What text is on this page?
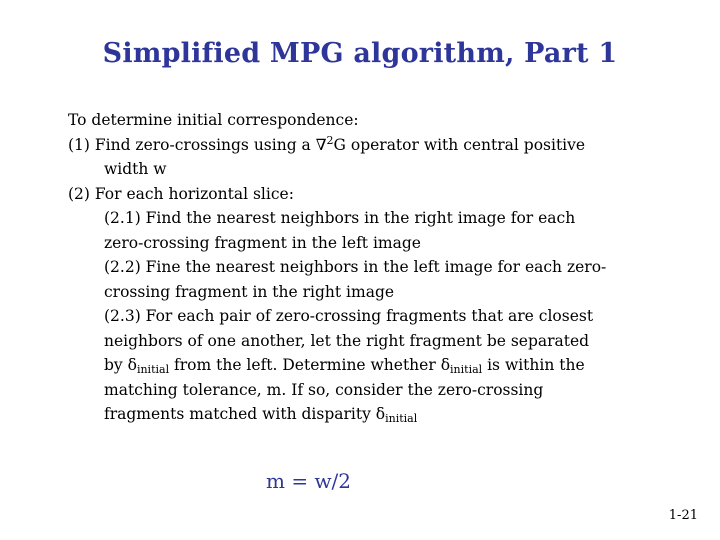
Simplified MPG algorithm, Part 1
To determine initial correspondence:
(1) Find zero-crossings using a ∇$^2$G operator with central positive
width w
(2) For each horizontal slice:
(2.1) Find the nearest neighbors in the right image for each
zero-crossing fragment in the left image
(2.2) Fine the nearest neighbors in the left image for each zero-
crossing fragment in the right image
(2.3) For each pair of zero-crossing fragments that are closest
neighbors of one another, let the right fragment be separated
by $\delta_{initial}$ from the left. Determine whether $\delta_{initial}$ is within the
matching tolerance, m. If so, consider the zero-crossing
fragments matched with disparity $\delta_{initial}$
m = w/2
1-21
